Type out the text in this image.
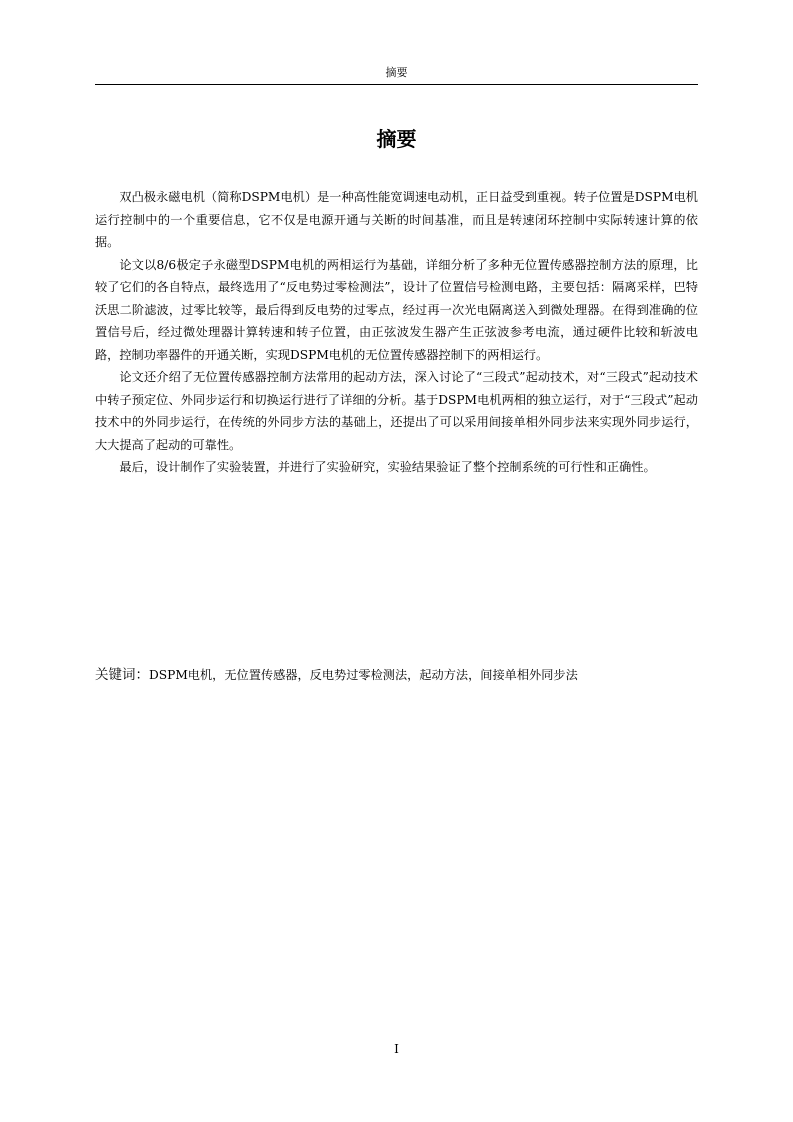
摘要
摘要

双凸极永磁电机（简称DSPM电机）是一种高性能宽调速电动机，正日益受到重视。转子位置是DSPM电机运行控制中的一个重要信息，它不仅是电源开通与关断的时间基准，而且是转速闭环控制中实际转速计算的依据。

论文以8/6极定子永磁型DSPM电机的两相运行为基础，详细分析了多种无位置传感器控制方法的原理，比较了它们的各自特点，最终选用了“反电势过零检测法”，设计了位置信号检测电路，主要包括：隔离采样，巴特沃思二阶滤波，过零比较等，最后得到反电势的过零点，经过再一次光电隔离送入到微处理器。在得到准确的位置信号后，经过微处理器计算转速和转子位置，由正弦波发生器产生正弦波参考电流，通过硬件比较和斩波电路，控制功率器件的开通关断，实现DSPM电机的无位置传感器控制下的两相运行。

论文还介绍了无位置传感器控制方法常用的起动方法，深入讨论了“三段式”起动技术，对“三段式”起动技术中转子预定位、外同步运行和切换运行进行了详细的分析。基于DSPM电机两相的独立运行，对于“三段式”起动技术中的外同步运行，在传统的外同步方法的基础上，还提出了可以采用间接单相外同步法来实现外同步运行，大大提高了起动的可靠性。

最后，设计制作了实验装置，并进行了实验研究，实验结果验证了整个控制系统的可行性和正确性。

关键词：DSPM电机，无位置传感器，反电势过零检测法，起动方法，间接单相外同步法
I
